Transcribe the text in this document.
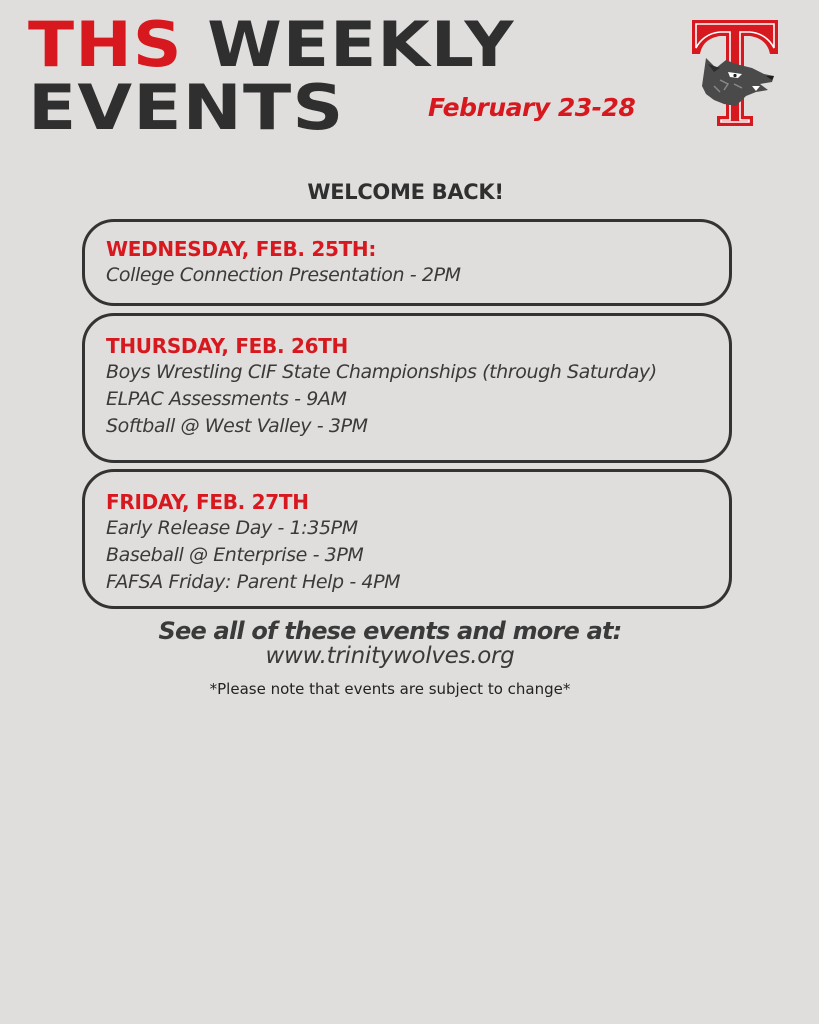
THS WEEKLY
EVENTS	February 23-28
WELCOME BACK!
WEDNESDAY, FEB. 25TH:
College Connection Presentation - 2PM
THURSDAY, FEB. 26TH
Boys Wrestling CIF State Championships (through Saturday)
ELPAC Assessments - 9AM
Softball @ West Valley - 3PM
FRIDAY, FEB. 27TH
Early Release Day - 1:35PM
Baseball @ Enterprise - 3PM
FAFSA Friday: Parent Help - 4PM
See all of these events and more at:
www.trinitywolves.org
*Please note that events are subject to change*
